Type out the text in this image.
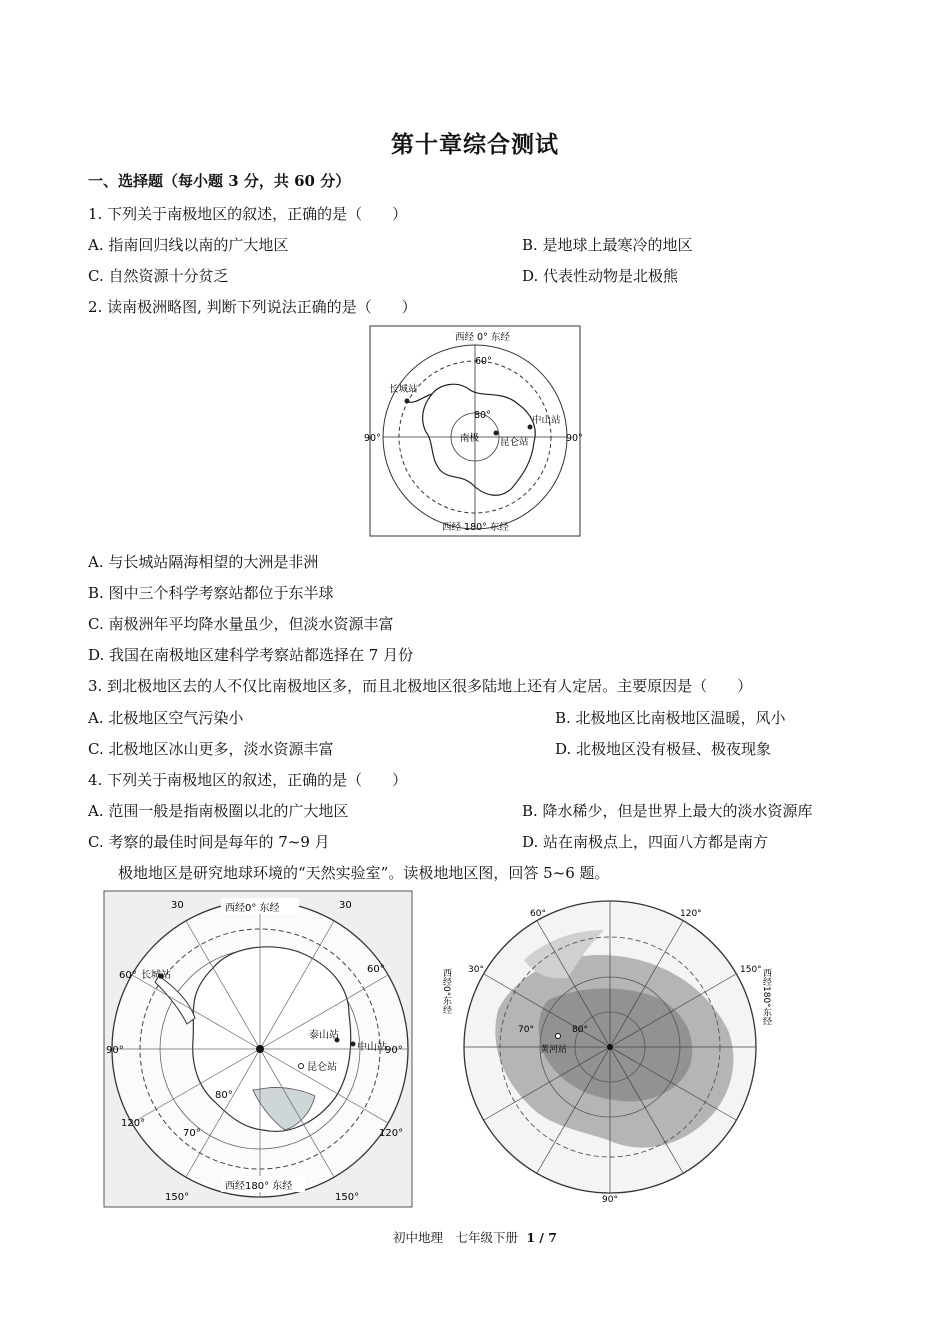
第十章综合测试
一、选择题（每小题 3 分，共 60 分）
1. 下列关于南极地区的叙述，正确的是（　　）
A. 指南回归线以南的广大地区	B. 是地球上最寒冷的地区
C. 自然资源十分贫乏	D. 代表性动物是北极熊
2. 读南极洲略图, 判断下列说法正确的是（　　）
西经 0° 东经
60°
80°
南极
长城站
中山站
昆仑站
90°	90°
西经 180° 东经
A. 与长城站隔海相望的大洲是非洲
B. 图中三个科学考察站都位于东半球
C. 南极洲年平均降水量虽少，但淡水资源丰富
D. 我国在南极地区建科学考察站都选择在 7 月份
3. 到北极地区去的人不仅比南极地区多，而且北极地区很多陆地上还有人定居。主要原因是（　　）
A. 北极地区空气污染小	B. 北极地区比南极地区温暖，风小
C. 北极地区冰山更多，淡水资源丰富	D. 北极地区没有极昼、极夜现象
4. 下列关于南极地区的叙述，正确的是（　　）
A. 范围一般是指南极圈以北的广大地区	B. 降水稀少，但是世界上最大的淡水资源库
C. 考察的最佳时间是每年的 7~9 月	D. 站在南极点上，四面八方都是南方
极地地区是研究地球环境的“天然实验室”。读极地地区图，回答 5~6 题。
西经0° 东经
30	30
60°
60°
90°	90°
120°
120°
150°	150°
70°
80°
长城站
泰山站
中山站
昆仑站
西经180° 东经
西经0°东经	西经180°东经
60°	120°
150°
30°
90°
70°	80°
黄河站
初中地理　七年级下册 1 / 7
